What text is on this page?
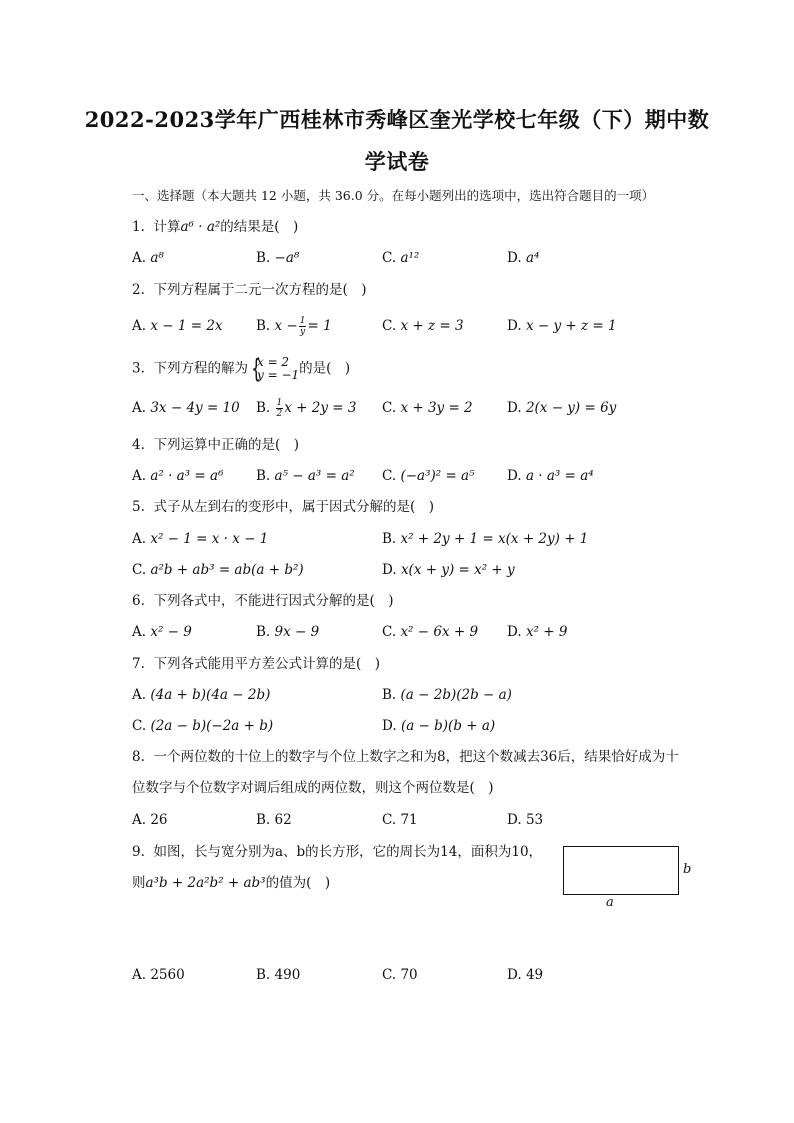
2022-2023学年广西桂林市秀峰区奎光学校七年级（下）期中数
学试卷
一、选择题（本大题共 12 小题，共 36.0 分。在每小题列出的选项中，选出符合题目的一项）
1. 计算a⁶ · a²的结果是(　)
A. a⁸	B. −a⁸	C. a¹²	D. a⁴
2. 下列方程属于二元一次方程的是(　)
A. x − 1 = 2x B. $x - \frac{1}{y} = 1$	C. x + z = 3	D. x − y + z = 1
3. 下列方程的解为 {
x = 2
y = −1 的是(　)
A. 3x − 4y = 10 B. $\frac{1}{2}$ x + 2y = 3 C. x + 3y = 2	D. 2(x − y) = 6y
4. 下列运算中正确的是(　)
A. a² · a³ = a⁶ B. a⁵ − a³ = a² C. (−a³)² = a⁵ D. a · a³ = a⁴
5. 式子从左到右的变形中，属于因式分解的是(　)
A. x² − 1 = x · x − 1	B. x² + 2y + 1 = x(x + 2y) + 1
C. a²b + ab³ = ab(a + b²)	D. x(x + y) = x² + y
6. 下列各式中，不能进行因式分解的是(　)
A. x² − 9	B. 9x − 9	C. x² − 6x + 9 D. x² + 9
7. 下列各式能用平方差公式计算的是(　)
A. (4a + b)(4a − 2b)	B. (a − 2b)(2b − a)
C. (2a − b)(−2a + b)	D. (a − b)(b + a)
8. 一个两位数的十位上的数字与个位上数字之和为8，把这个数减去36后，结果恰好成为十
位数字与个位数字对调后组成的两位数，则这个两位数是(　)
A. 26	B. 62	C. 71	D. 53
9. 如图，长与宽分别为a、b的长方形，它的周长为14，面积为10，
则a³b + 2a²b² + ab³的值为(　)
a
b
A. 2560	B. 490	C. 70	D. 49
